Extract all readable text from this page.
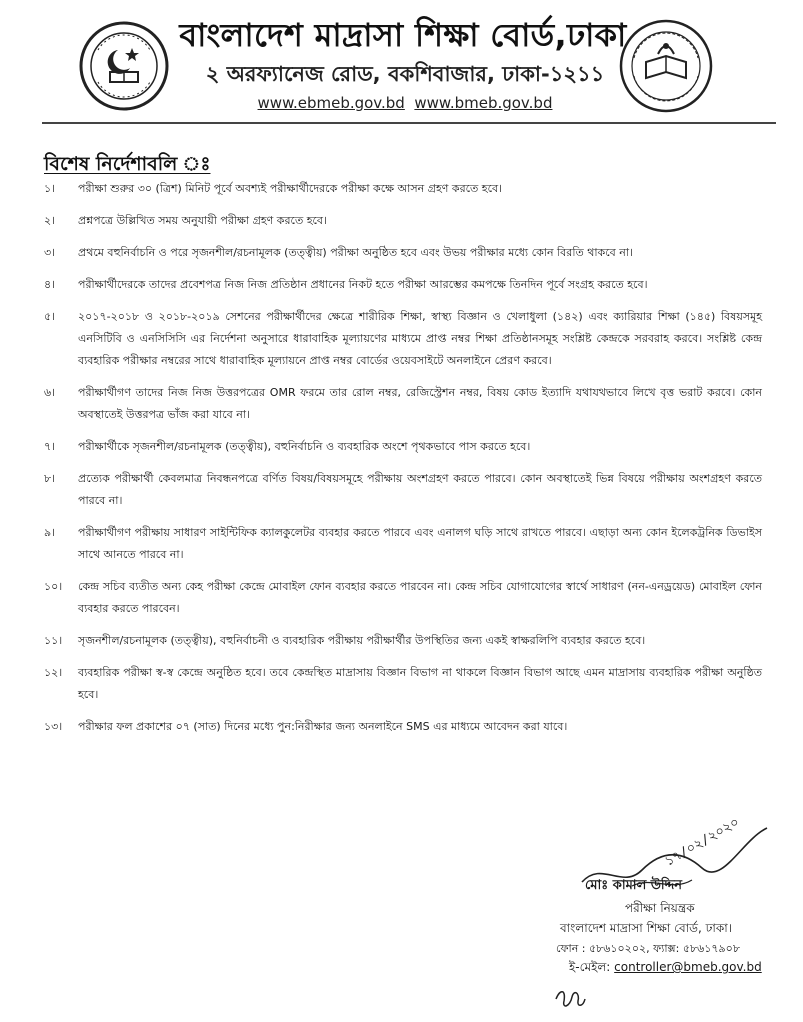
বাংলাদেশ মাদ্রাসা শিক্ষা বোর্ড,ঢাকা
২ অরফ্যানেজ রোড, বকশিবাজার, ঢাকা-১২১১
www.ebmeb.gov.bd www.bmeb.gov.bd
বিশেষ নির্দেশাবলি ঃ
১।	পরীক্ষা শুরুর ৩০ (ত্রিশ) মিনিট পূর্বে অবশ্যই পরীক্ষার্থীদেরকে পরীক্ষা কক্ষে আসন গ্রহণ করতে হবে।
২।	প্রশ্নপত্রে উল্লিখিত সময় অনুযায়ী পরীক্ষা গ্রহণ করতে হবে।
৩।	প্রথমে বহুনির্বাচনি ও পরে সৃজনশীল/রচনামূলক (তত্ত্বীয়) পরীক্ষা অনুষ্ঠিত হবে এবং উভয় পরীক্ষার মধ্যে কোন বিরতি থাকবে না।
৪।	পরীক্ষার্থীদেরকে তাদের প্রবেশপত্র নিজ নিজ প্রতিষ্ঠান প্রধানের নিকট হতে পরীক্ষা আরম্ভের কমপক্ষে তিনদিন পূর্বে সংগ্রহ করতে হবে।
৫।	২০১৭-২০১৮ ও ২০১৮-২০১৯ সেশনের পরীক্ষার্থীদের ক্ষেত্রে শারীরিক শিক্ষা, স্বাস্থ্য বিজ্ঞান ও খেলাধুলা (১৪২) এবং ক্যারিয়ার শিক্ষা (১৪৫) বিষয়সমূহ এনসিটিবি ও এনসিসিসি এর নির্দেশনা অনুসারে ধারাবাহিক মূল্যায়ণের মাধ্যমে প্রাপ্ত নম্বর শিক্ষা প্রতিষ্ঠানসমূহ সংশ্লিষ্ট কেন্দ্রকে সরবরাহ করবে। সংশ্লিষ্ট কেন্দ্র ব্যবহারিক পরীক্ষার নম্বরের সাথে ধারাবাহিক মূল্যায়নে প্রাপ্ত নম্বর বোর্ডের ওয়েবসাইটে অনলাইনে প্রেরণ করবে।
৬।	পরীক্ষার্থীগণ তাদের নিজ নিজ উত্তরপত্রের OMR ফরমে তার রোল নম্বর, রেজিস্ট্রেশন নম্বর, বিষয় কোড ইত্যাদি যথাযথভাবে লিখে বৃত্ত ভরাট করবে। কোন অবস্থাতেই উত্তরপত্র ভাঁজ করা যাবে না।
৭।	পরীক্ষার্থীকে সৃজনশীল/রচনামূলক (তত্ত্বীয়), বহুনির্বাচনি ও ব্যবহারিক অংশে পৃথকভাবে পাস করতে হবে।
৮।	প্রত্যেক পরীক্ষার্থী কেবলমাত্র নিবন্ধনপত্রে বর্ণিত বিষয়/বিষয়সমূহে পরীক্ষায় অংশগ্রহণ করতে পারবে। কোন অবস্থাতেই ভিন্ন বিষয়ে পরীক্ষায় অংশগ্রহণ করতে পারবে না।
৯।	পরীক্ষার্থীগণ পরীক্ষায় সাধারণ সাইন্টিফিক ক্যালকুলেটর ব্যবহার করতে পারবে এবং এনালগ ঘড়ি সাথে রাখতে পারবে। এছাড়া অন্য কোন ইলেকট্রনিক ডিভাইস সাথে আনতে পারবে না।
১০।	কেন্দ্র সচিব ব্যতীত অন্য কেহ পরীক্ষা কেন্দ্রে মোবাইল ফোন ব্যবহার করতে পারবেন না। কেন্দ্র সচিব যোগাযোগের স্বার্থে সাধারণ (নন-এনড্রয়েড) মোবাইল ফোন ব্যবহার করতে পারবেন।
১১।	সৃজনশীল/রচনামূলক (তত্ত্বীয়), বহুনির্বাচনী ও ব্যবহারিক পরীক্ষায় পরীক্ষার্থীর উপস্থিতির জন্য একই স্বাক্ষরলিপি ব্যবহার করতে হবে।
১২।	ব্যবহারিক পরীক্ষা স্ব-স্ব কেন্দ্রে অনুষ্ঠিত হবে। তবে কেন্দ্রস্থিত মাদ্রাসায় বিজ্ঞান বিভাগ না থাকলে বিজ্ঞান বিভাগ আছে এমন মাদ্রাসায় ব্যবহারিক পরীক্ষা অনুষ্ঠিত হবে।
১৩।	পরীক্ষার ফল প্রকাশের ০৭ (সাত) দিনের মধ্যে পুন:নিরীক্ষার জন্য অনলাইনে SMS এর মাধ্যমে আবেদন করা যাবে।
১৭/০২/২০২০
মোঃ কামাল উদ্দিন
পরীক্ষা নিয়ন্ত্রক
বাংলাদেশ মাদ্রাসা শিক্ষা বোর্ড, ঢাকা।
ফোন : ৫৮৬১০২০২, ফ্যাক্স: ৫৮৬১৭৯০৮
ই-মেইল: controller@bmeb.gov.bd
